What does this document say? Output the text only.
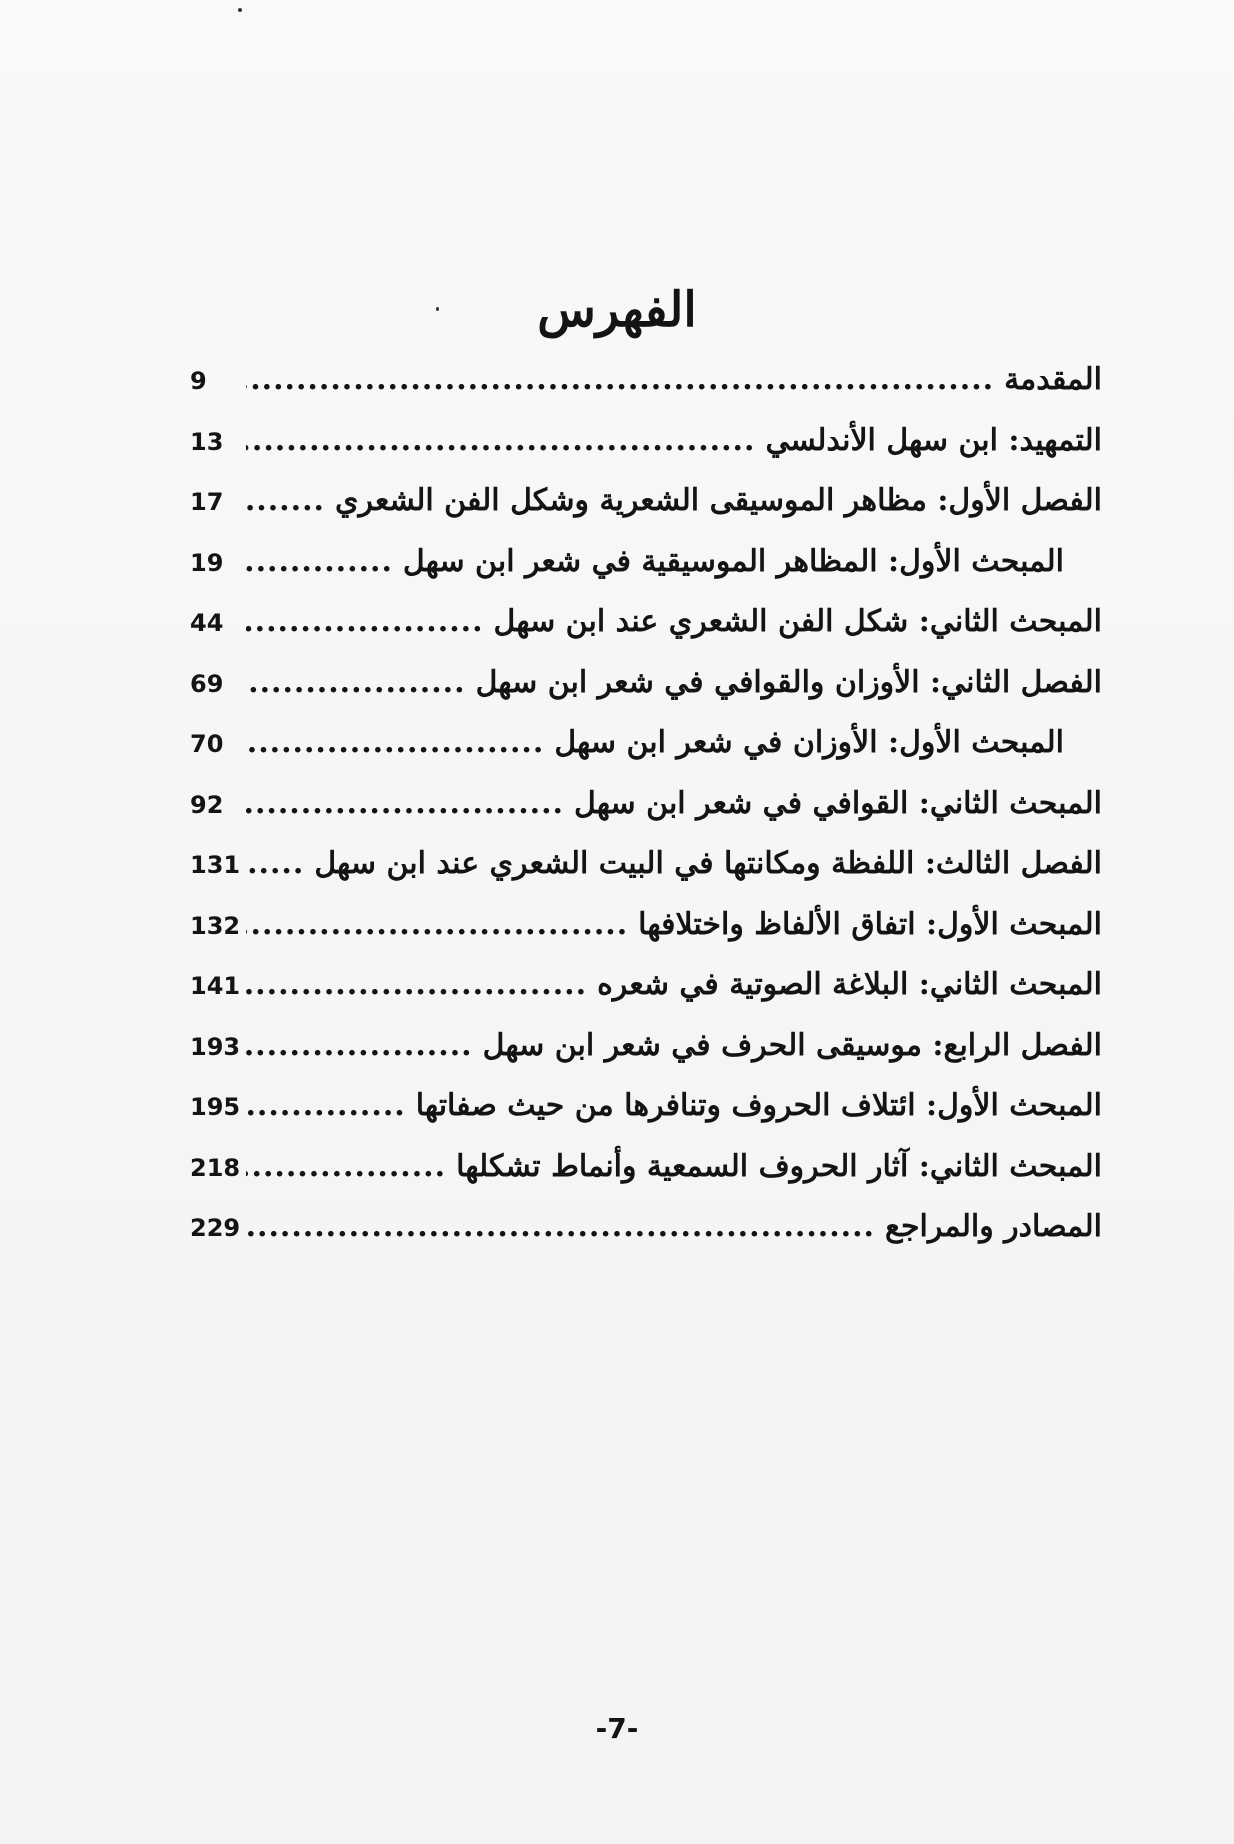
الفهرس
المقدمة
.....
9
التمهيد: ابن سهل الأندلسي
.....
13
الفصل الأول: مظاهر الموسيقى الشعرية وشكل الفن الشعري
.....
17
المبحث الأول: المظاهر الموسيقية في شعر ابن سهل
.....
19
المبحث الثاني: شكل الفن الشعري عند ابن سهل
.....
44
الفصل الثاني: الأوزان والقوافي في شعر ابن سهل
.....
69
المبحث الأول: الأوزان في شعر ابن سهل
.....
70
المبحث الثاني: القوافي في شعر ابن سهل
.....
92
الفصل الثالث: اللفظة ومكانتها في البيت الشعري عند ابن سهل
.....
131
المبحث الأول: اتفاق الألفاظ واختلافها
.....
132
المبحث الثاني: البلاغة الصوتية في شعره
.....
141
الفصل الرابع: موسيقى الحرف في شعر ابن سهل
.....
193
المبحث الأول: ائتلاف الحروف وتنافرها من حيث صفاتها
.....
195
المبحث الثاني: آثار الحروف السمعية وأنماط تشكلها
.....
218
المصادر والمراجع
.....
229
-7-
